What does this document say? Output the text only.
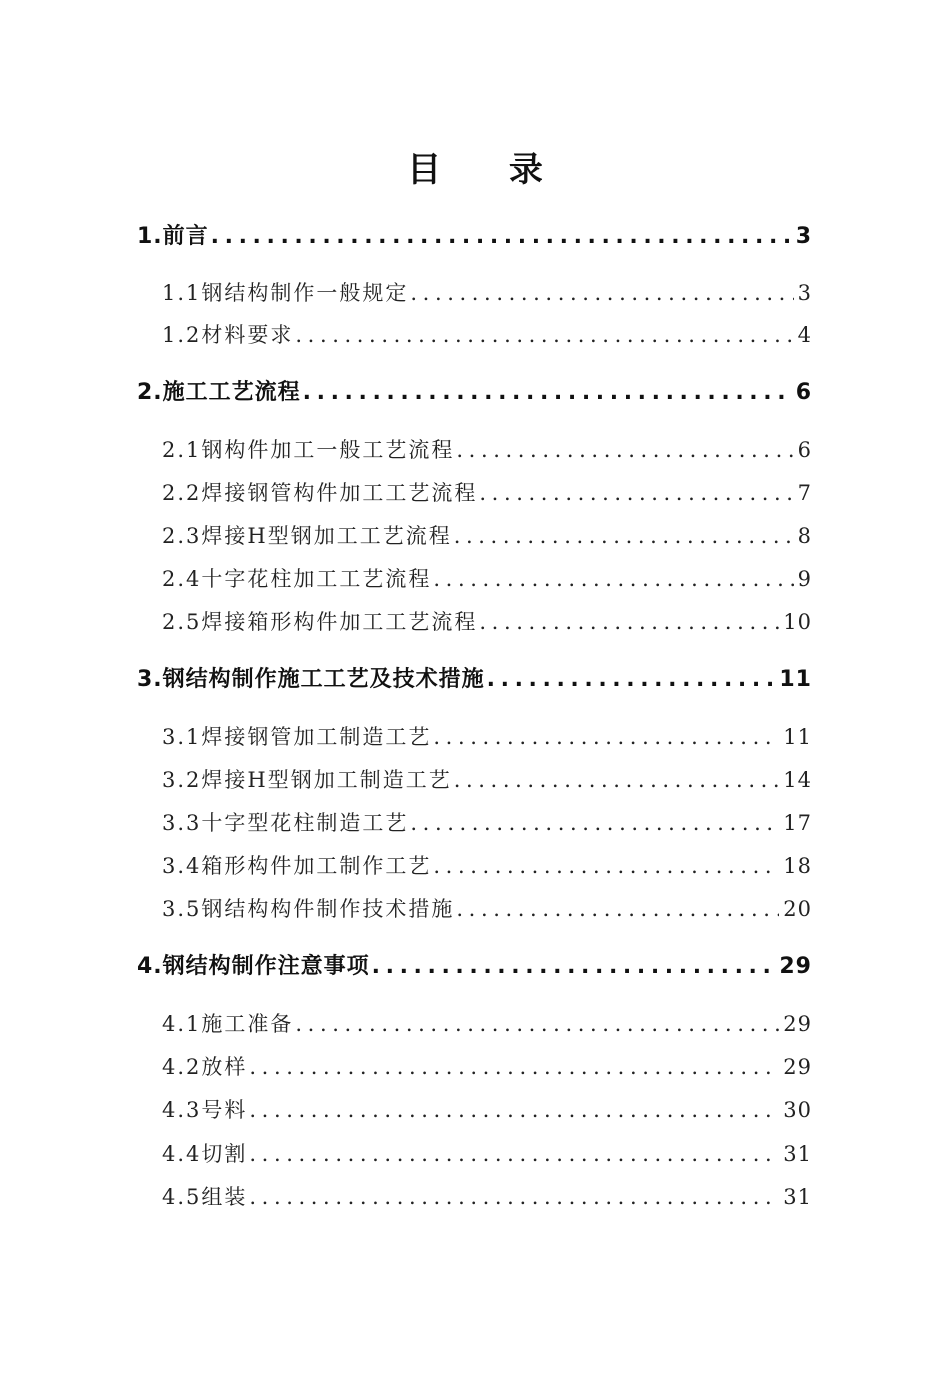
目 录
1.前言 .....	3
1.1钢结构制作一般规定 .....	3
1.2材料要求 .....	4
2.施工工艺流程 .....	6
2.1钢构件加工一般工艺流程 .....	6
2.2焊接钢管构件加工工艺流程 .....	7
2.3焊接H型钢加工工艺流程 .....	8
2.4十字花柱加工工艺流程 .....	9
2.5焊接箱形构件加工工艺流程 .....	10
3.钢结构制作施工工艺及技术措施 .....	11
3.1焊接钢管加工制造工艺 .....	11
3.2焊接H型钢加工制造工艺 .....	14
3.3十字型花柱制造工艺 .....	17
3.4箱形构件加工制作工艺 .....	18
3.5钢结构构件制作技术措施 .....	20
4.钢结构制作注意事项 .....	29
4.1施工准备 .....	29
4.2放样 .....	29
4.3号料 .....	30
4.4切割 .....	31
4.5组装 .....	31
